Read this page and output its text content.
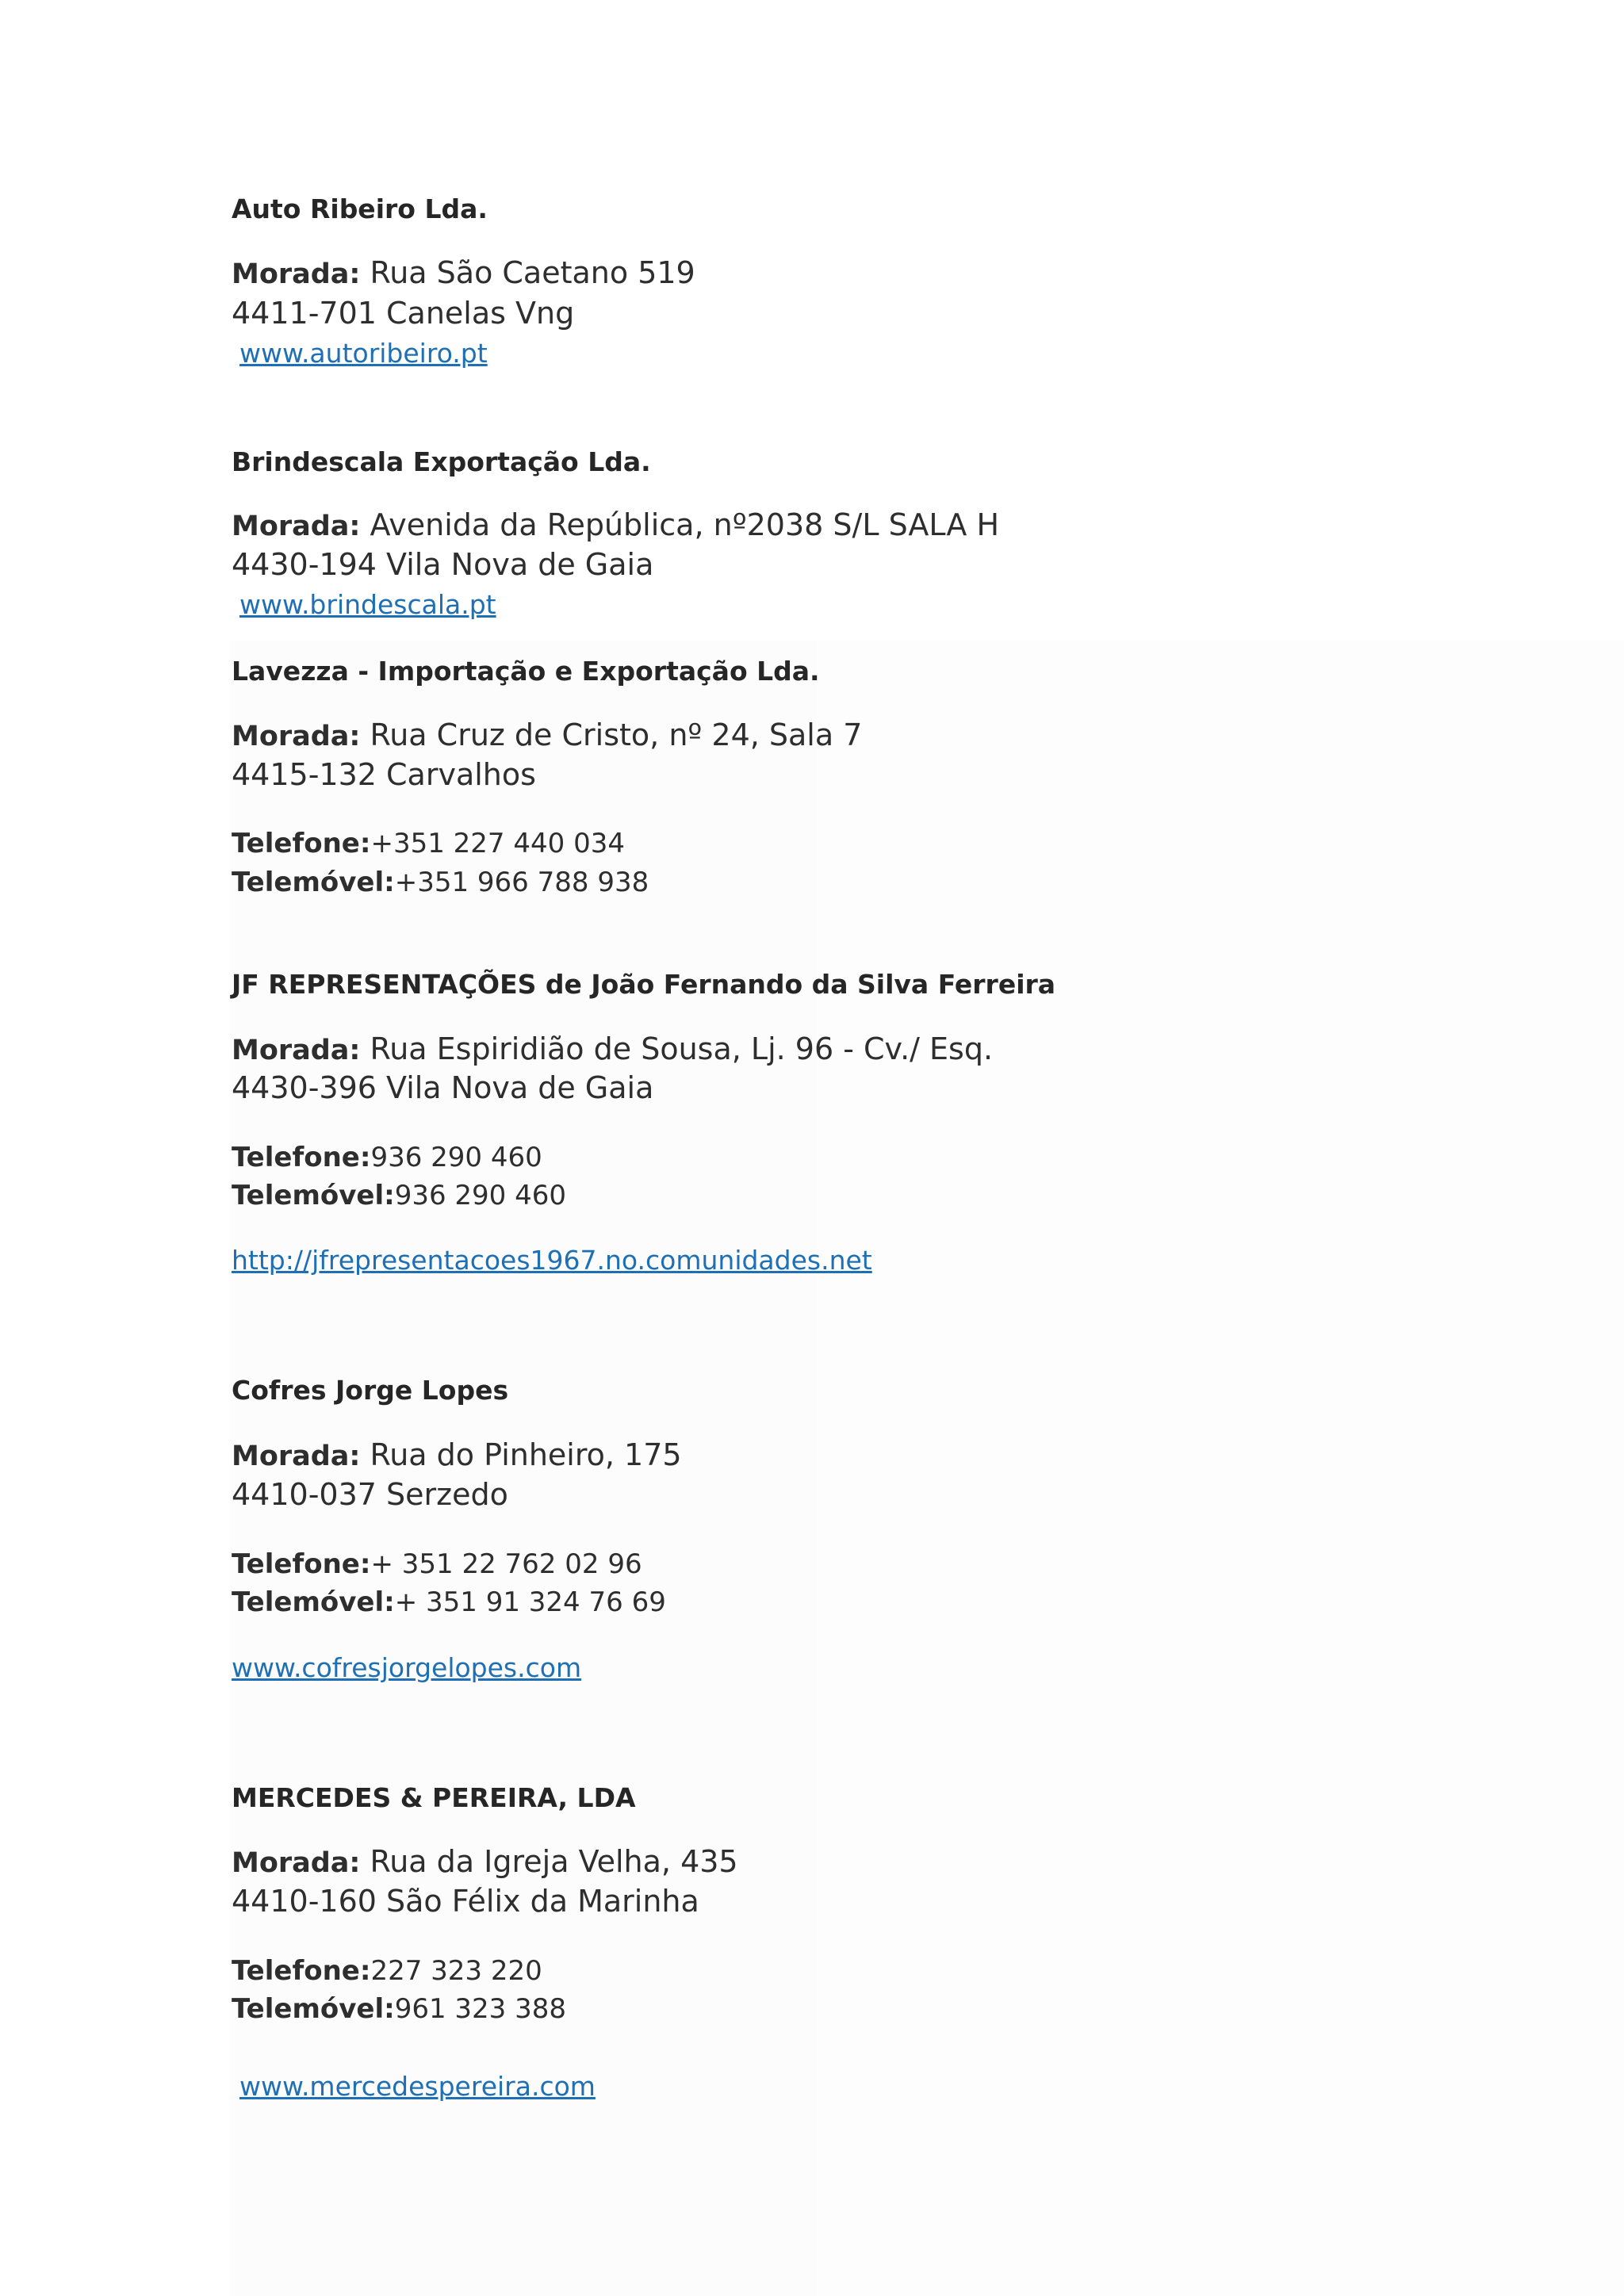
Auto Ribeiro Lda.
Morada: Rua São Caetano 519
4411-701 Canelas Vng
www.autoribeiro.pt
Brindescala Exportação Lda.
Morada: Avenida da República, nº2038 S/L SALA H
4430-194 Vila Nova de Gaia
www.brindescala.pt
Lavezza - Importação e Exportação Lda.
Morada: Rua Cruz de Cristo, nº 24, Sala 7
4415-132 Carvalhos
Telefone:+351 227 440 034
Telemóvel:+351 966 788 938
JF REPRESENTAÇÕES de João Fernando da Silva Ferreira
Morada: Rua Espiridião de Sousa, Lj. 96 - Cv./ Esq.
4430-396 Vila Nova de Gaia
Telefone:936 290 460
Telemóvel:936 290 460
http://jfrepresentacoes1967.no.comunidades.net
Cofres Jorge Lopes
Morada: Rua do Pinheiro, 175
4410-037 Serzedo
Telefone:+ 351 22 762 02 96
Telemóvel:+ 351 91 324 76 69
www.cofresjorgelopes.com
MERCEDES & PEREIRA, LDA
Morada: Rua da Igreja Velha, 435
4410-160 São Félix da Marinha
Telefone:227 323 220
Telemóvel:961 323 388
www.mercedespereira.com
